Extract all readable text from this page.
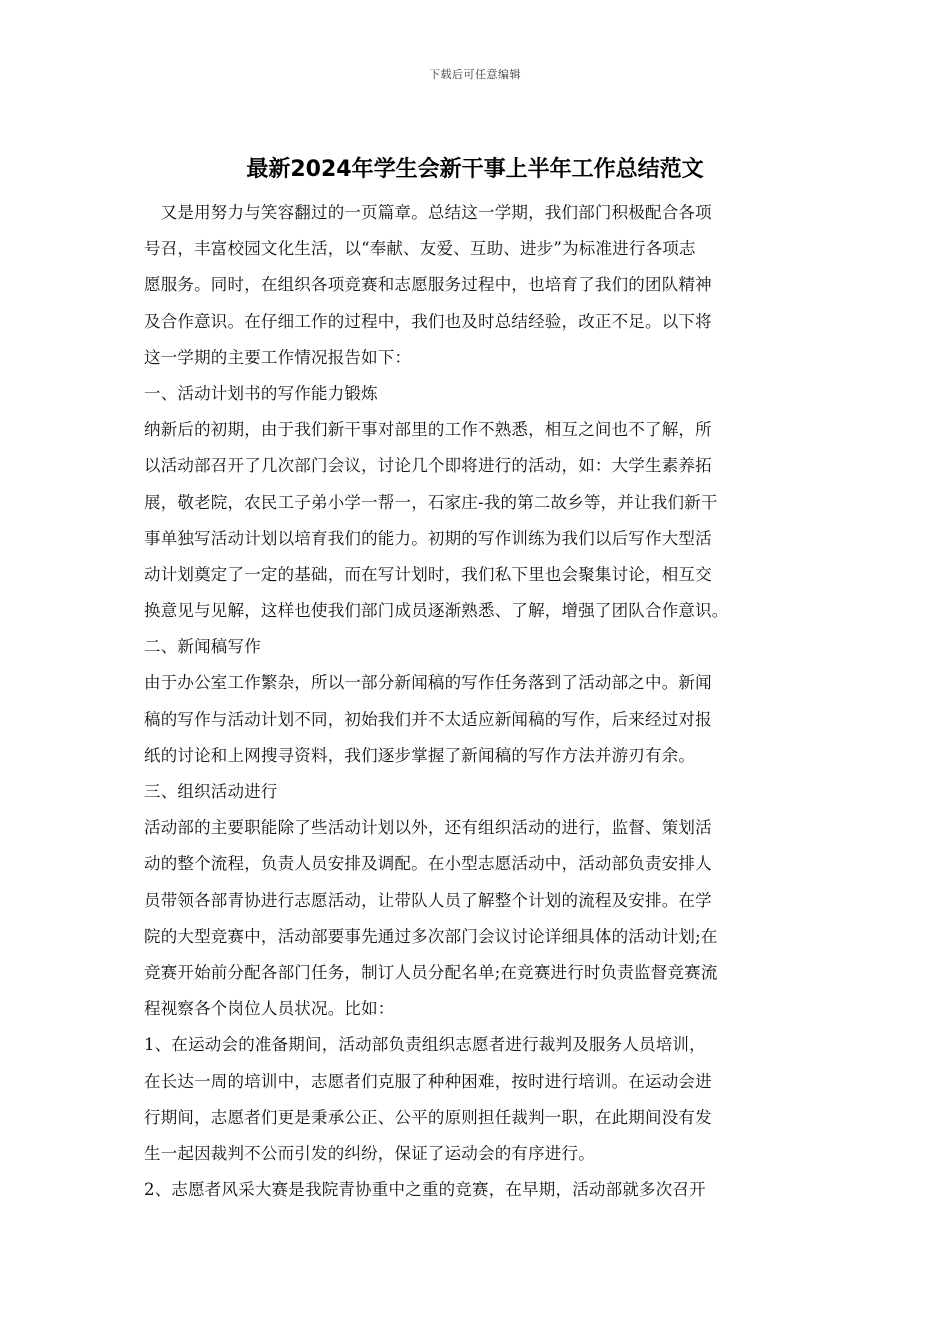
下载后可任意编辑
最新2024年学生会新干事上半年工作总结范文
　又是用努力与笑容翻过的一页篇章。总结这一学期，我们部门积极配合各项
号召，丰富校园文化生活，以“奉献、友爱、互助、进步”为标准进行各项志
愿服务。同时，在组织各项竞赛和志愿服务过程中，也培育了我们的团队精神
及合作意识。在仔细工作的过程中，我们也及时总结经验，改正不足。以下将
这一学期的主要工作情况报告如下：
一、活动计划书的写作能力锻炼
纳新后的初期，由于我们新干事对部里的工作不熟悉，相互之间也不了解，所
以活动部召开了几次部门会议，讨论几个即将进行的活动，如：大学生素养拓
展，敬老院，农民工子弟小学一帮一，石家庄-我的第二故乡等，并让我们新干
事单独写活动计划以培育我们的能力。初期的写作训练为我们以后写作大型活
动计划奠定了一定的基础，而在写计划时，我们私下里也会聚集讨论，相互交
换意见与见解，这样也使我们部门成员逐渐熟悉、了解，增强了团队合作意识。
二、新闻稿写作
由于办公室工作繁杂，所以一部分新闻稿的写作任务落到了活动部之中。新闻
稿的写作与活动计划不同，初始我们并不太适应新闻稿的写作，后来经过对报
纸的讨论和上网搜寻资料，我们逐步掌握了新闻稿的写作方法并游刃有余。
三、组织活动进行
活动部的主要职能除了些活动计划以外，还有组织活动的进行，监督、策划活
动的整个流程，负责人员安排及调配。在小型志愿活动中，活动部负责安排人
员带领各部青协进行志愿活动，让带队人员了解整个计划的流程及安排。在学
院的大型竞赛中，活动部要事先通过多次部门会议讨论详细具体的活动计划;在
竞赛开始前分配各部门任务，制订人员分配名单;在竞赛进行时负责监督竞赛流
程视察各个岗位人员状况。比如：
1、在运动会的准备期间，活动部负责组织志愿者进行裁判及服务人员培训，
在长达一周的培训中，志愿者们克服了种种困难，按时进行培训。在运动会进
行期间，志愿者们更是秉承公正、公平的原则担任裁判一职，在此期间没有发
生一起因裁判不公而引发的纠纷，保证了运动会的有序进行。
2、志愿者风采大赛是我院青协重中之重的竞赛，在早期，活动部就多次召开
